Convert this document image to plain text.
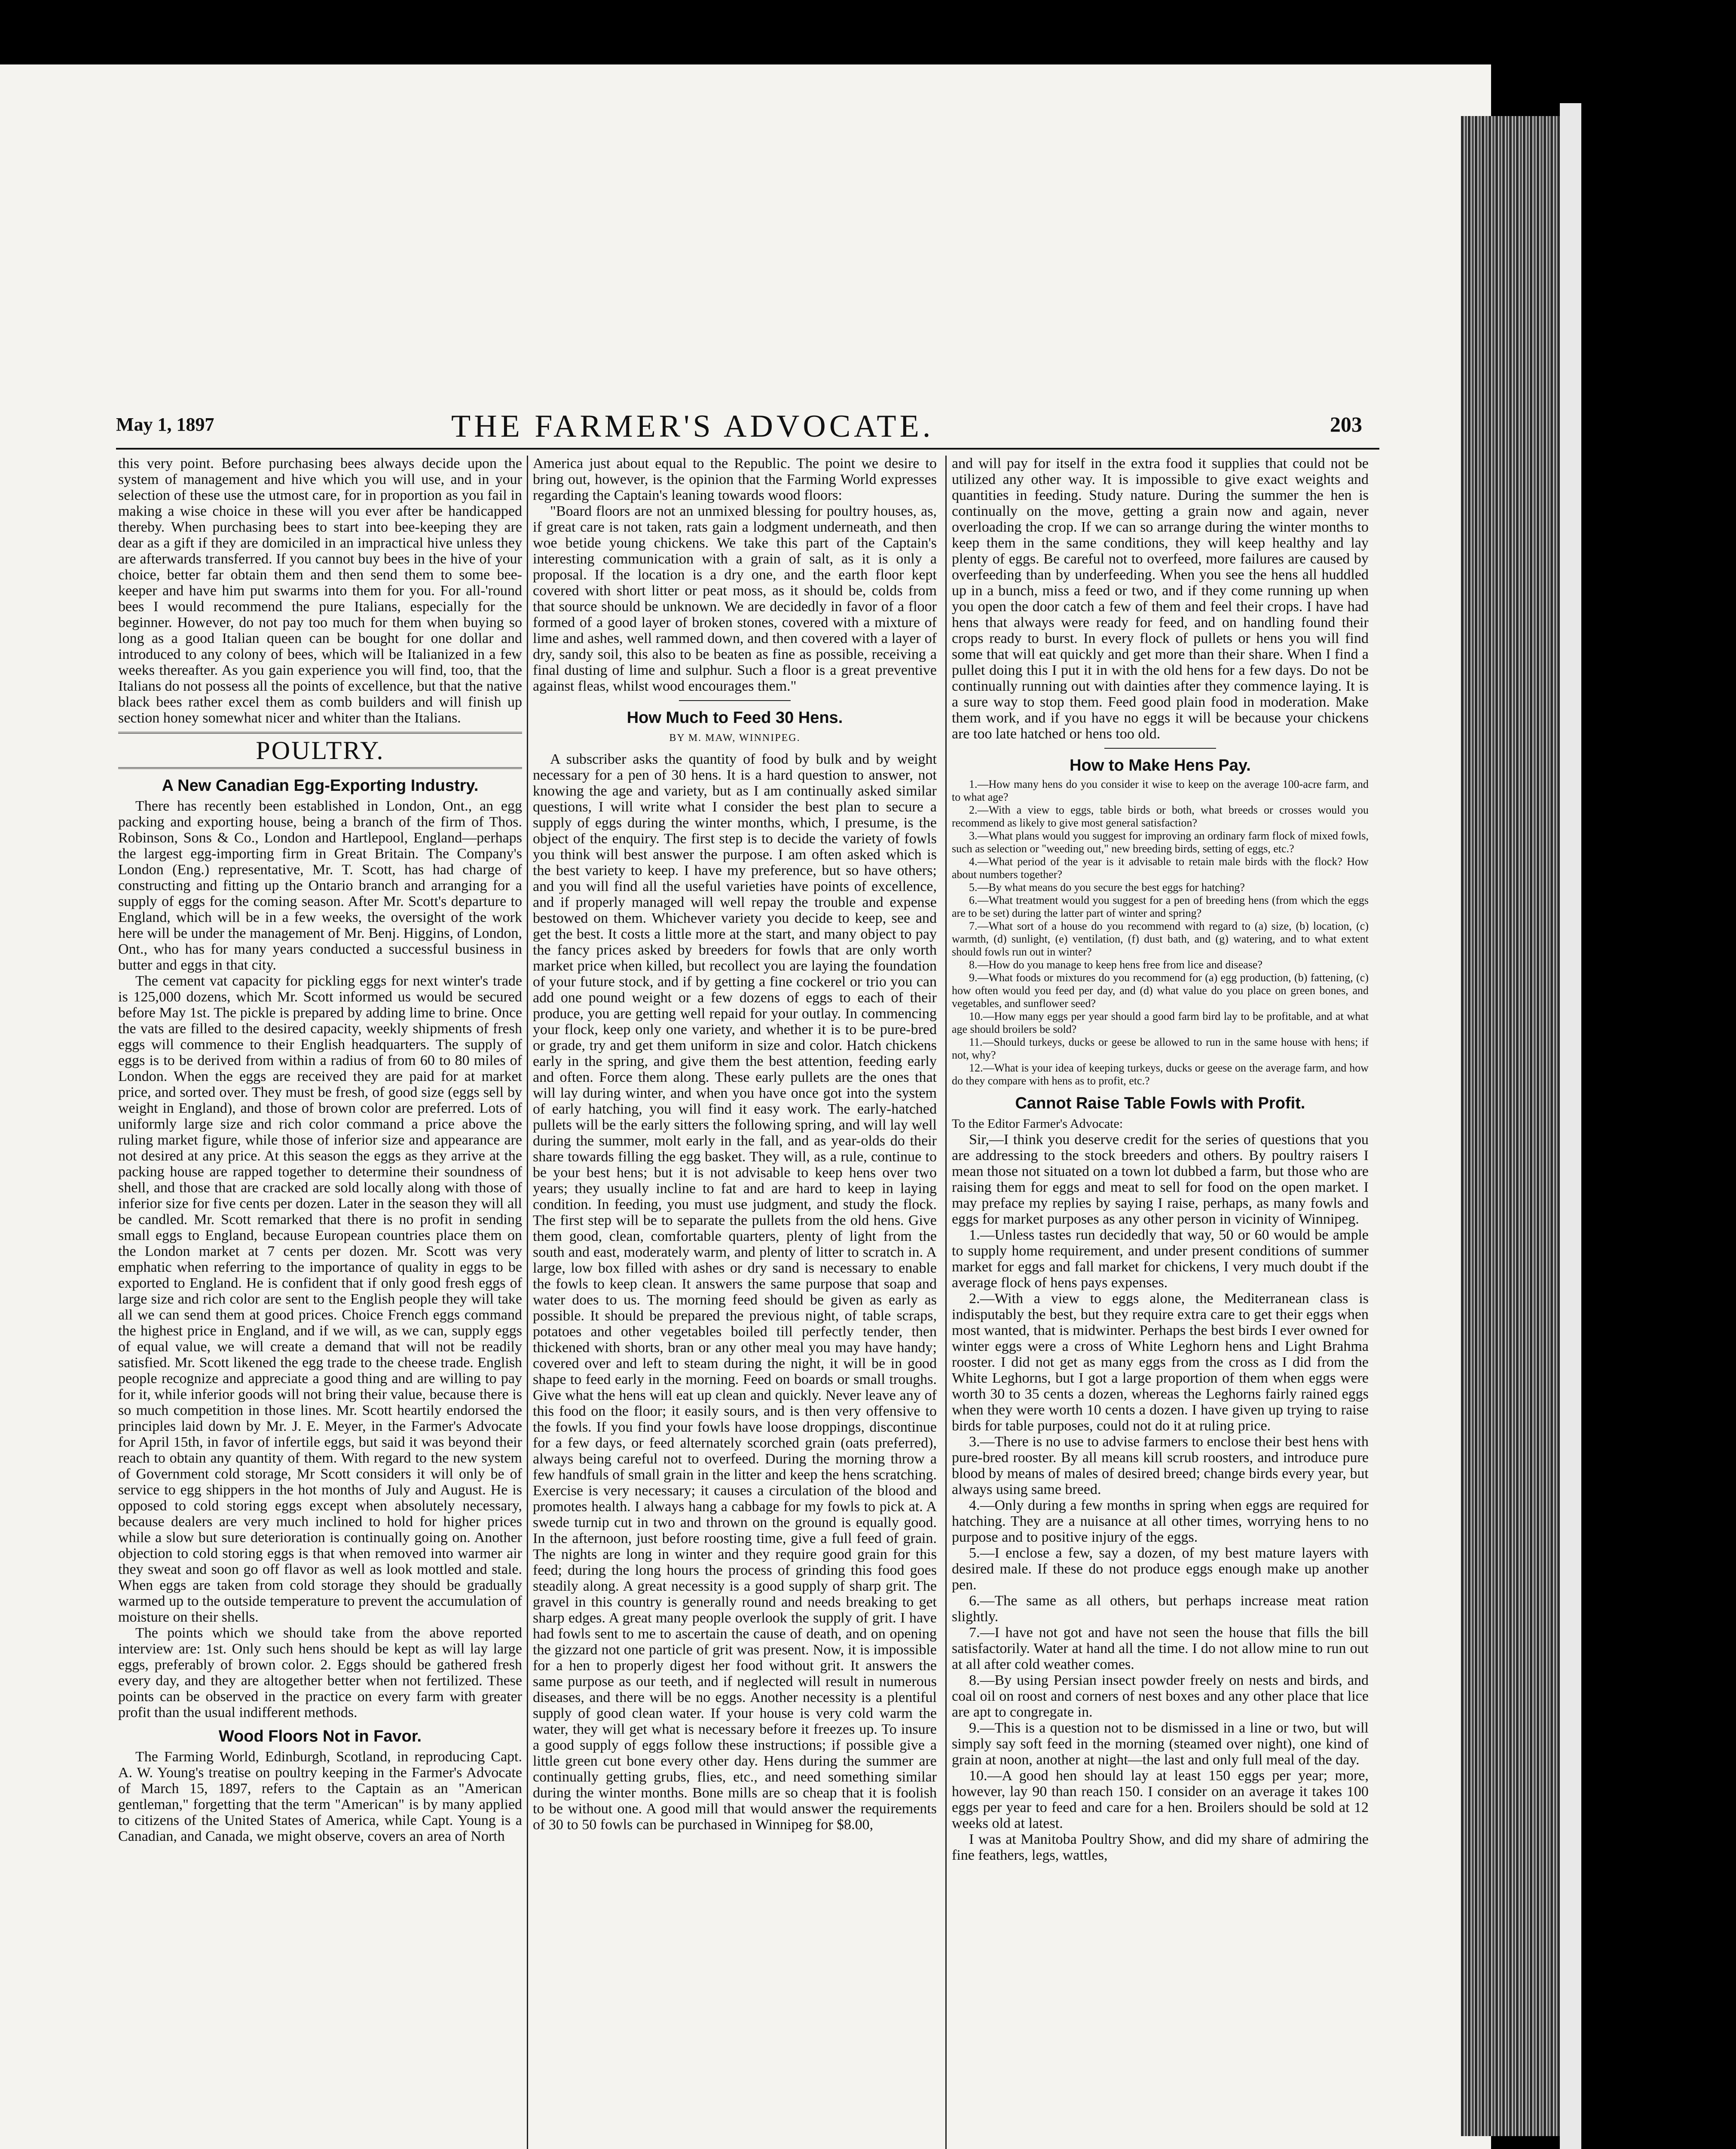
May 1, 1897	THE FARMER'S ADVOCATE.	203

this very point. Before purchasing bees always decide upon the system of management and hive which you will use, and in your selection of these use the utmost care, for in proportion as you fail in making a wise choice in these will you ever after be handicapped thereby. When purchasing bees to start into bee-keeping they are dear as a gift if they are domiciled in an impractical hive unless they are afterwards transferred. If you cannot buy bees in the hive of your choice, better far obtain them and then send them to some bee-keeper and have him put swarms into them for you. For all-'round bees I would recommend the pure Italians, especially for the beginner. However, do not pay too much for them when buying so long as a good Italian queen can be bought for one dollar and introduced to any colony of bees, which will be Italianized in a few weeks thereafter. As you gain experience you will find, too, that the Italians do not possess all the points of excellence, but that the native black bees rather excel them as comb builders and will finish up section honey somewhat nicer and whiter than the Italians.

POULTRY.
A New Canadian Egg-Exporting Industry.

There has recently been established in London, Ont., an egg packing and exporting house, being a branch of the firm of Thos. Robinson, Sons & Co., London and Hartlepool, England—perhaps the largest egg-importing firm in Great Britain. The Company's London (Eng.) representative, Mr. T. Scott, has had charge of constructing and fitting up the Ontario branch and arranging for a supply of eggs for the coming season. After Mr. Scott's departure to England, which will be in a few weeks, the oversight of the work here will be under the management of Mr. Benj. Higgins, of London, Ont., who has for many years conducted a successful business in butter and eggs in that city.

The cement vat capacity for pickling eggs for next winter's trade is 125,000 dozens, which Mr. Scott informed us would be secured before May 1st. The pickle is prepared by adding lime to brine. Once the vats are filled to the desired capacity, weekly shipments of fresh eggs will commence to their English headquarters. The supply of eggs is to be derived from within a radius of from 60 to 80 miles of London. When the eggs are received they are paid for at market price, and sorted over. They must be fresh, of good size (eggs sell by weight in England), and those of brown color are preferred. Lots of uniformly large size and rich color command a price above the ruling market figure, while those of inferior size and appearance are not desired at any price. At this season the eggs as they arrive at the packing house are rapped together to determine their soundness of shell, and those that are cracked are sold locally along with those of inferior size for five cents per dozen. Later in the season they will all be candled. Mr. Scott remarked that there is no profit in sending small eggs to England, because European countries place them on the London market at 7 cents per dozen. Mr. Scott was very emphatic when referring to the importance of quality in eggs to be exported to England. He is confident that if only good fresh eggs of large size and rich color are sent to the English people they will take all we can send them at good prices. Choice French eggs command the highest price in England, and if we will, as we can, supply eggs of equal value, we will create a demand that will not be readily satisfied. Mr. Scott likened the egg trade to the cheese trade. English people recognize and appreciate a good thing and are willing to pay for it, while inferior goods will not bring their value, because there is so much competition in those lines. Mr. Scott heartily endorsed the principles laid down by Mr. J. E. Meyer, in the Farmer's Advocate for April 15th, in favor of infertile eggs, but said it was beyond their reach to obtain any quantity of them. With regard to the new system of Government cold storage, Mr Scott considers it will only be of service to egg shippers in the hot months of July and August. He is opposed to cold storing eggs except when absolutely necessary, because dealers are very much inclined to hold for higher prices while a slow but sure deterioration is continually going on. Another objection to cold storing eggs is that when removed into warmer air they sweat and soon go off flavor as well as look mottled and stale. When eggs are taken from cold storage they should be gradually warmed up to the outside temperature to prevent the accumulation of moisture on their shells.

The points which we should take from the above reported interview are: 1st. Only such hens should be kept as will lay large eggs, preferably of brown color. 2. Eggs should be gathered fresh every day, and they are altogether better when not fertilized. These points can be observed in the practice on every farm with greater profit than the usual indifferent methods.

Wood Floors Not in Favor.

The Farming World, Edinburgh, Scotland, in reproducing Capt. A. W. Young's treatise on poultry keeping in the Farmer's Advocate of March 15, 1897, refers to the Captain as an "American gentleman," forgetting that the term "American" is by many applied to citizens of the United States of America, while Capt. Young is a Canadian, and Canada, we might observe, covers an area of North

America just about equal to the Republic. The point we desire to bring out, however, is the opinion that the Farming World expresses regarding the Captain's leaning towards wood floors:

"Board floors are not an unmixed blessing for poultry houses, as, if great care is not taken, rats gain a lodgment underneath, and then woe betide young chickens. We take this part of the Captain's interesting communication with a grain of salt, as it is only a proposal. If the location is a dry one, and the earth floor kept covered with short litter or peat moss, as it should be, colds from that source should be unknown. We are decidedly in favor of a floor formed of a good layer of broken stones, covered with a mixture of lime and ashes, well rammed down, and then covered with a layer of dry, sandy soil, this also to be beaten as fine as possible, receiving a final dusting of lime and sulphur. Such a floor is a great preventive against fleas, whilst wood encourages them."

How Much to Feed 30 Hens.
BY M. MAW, WINNIPEG.

A subscriber asks the quantity of food by bulk and by weight necessary for a pen of 30 hens. It is a hard question to answer, not knowing the age and variety, but as I am continually asked similar questions, I will write what I consider the best plan to secure a supply of eggs during the winter months, which, I presume, is the object of the enquiry. The first step is to decide the variety of fowls you think will best answer the purpose. I am often asked which is the best variety to keep. I have my preference, but so have others; and you will find all the useful varieties have points of excellence, and if properly managed will well repay the trouble and expense bestowed on them. Whichever variety you decide to keep, see and get the best. It costs a little more at the start, and many object to pay the fancy prices asked by breeders for fowls that are only worth market price when killed, but recollect you are laying the foundation of your future stock, and if by getting a fine cockerel or trio you can add one pound weight or a few dozens of eggs to each of their produce, you are getting well repaid for your outlay. In commencing your flock, keep only one variety, and whether it is to be pure-bred or grade, try and get them uniform in size and color. Hatch chickens early in the spring, and give them the best attention, feeding early and often. Force them along. These early pullets are the ones that will lay during winter, and when you have once got into the system of early hatching, you will find it easy work. The early-hatched pullets will be the early sitters the following spring, and will lay well during the summer, molt early in the fall, and as year-olds do their share towards filling the egg basket. They will, as a rule, continue to be your best hens; but it is not advisable to keep hens over two years; they usually incline to fat and are hard to keep in laying condition. In feeding, you must use judgment, and study the flock. The first step will be to separate the pullets from the old hens. Give them good, clean, comfortable quarters, plenty of light from the south and east, moderately warm, and plenty of litter to scratch in. A large, low box filled with ashes or dry sand is necessary to enable the fowls to keep clean. It answers the same purpose that soap and water does to us. The morning feed should be given as early as possible. It should be prepared the previous night, of table scraps, potatoes and other vegetables boiled till perfectly tender, then thickened with shorts, bran or any other meal you may have handy; covered over and left to steam during the night, it will be in good shape to feed early in the morning. Feed on boards or small troughs. Give what the hens will eat up clean and quickly. Never leave any of this food on the floor; it easily sours, and is then very offensive to the fowls. If you find your fowls have loose droppings, discontinue for a few days, or feed alternately scorched grain (oats preferred), always being careful not to overfeed. During the morning throw a few handfuls of small grain in the litter and keep the hens scratching. Exercise is very necessary; it causes a circulation of the blood and promotes health. I always hang a cabbage for my fowls to pick at. A swede turnip cut in two and thrown on the ground is equally good. In the afternoon, just before roosting time, give a full feed of grain. The nights are long in winter and they require good grain for this feed; during the long hours the process of grinding this food goes steadily along. A great necessity is a good supply of sharp grit. The gravel in this country is generally round and needs breaking to get sharp edges. A great many people overlook the supply of grit. I have had fowls sent to me to ascertain the cause of death, and on opening the gizzard not one particle of grit was present. Now, it is impossible for a hen to properly digest her food without grit. It answers the same purpose as our teeth, and if neglected will result in numerous diseases, and there will be no eggs. Another necessity is a plentiful supply of good clean water. If your house is very cold warm the water, they will get what is necessary before it freezes up. To insure a good supply of eggs follow these instructions; if possible give a little green cut bone every other day. Hens during the summer are continually getting grubs, flies, etc., and need something similar during the winter months. Bone mills are so cheap that it is foolish to be without one. A good mill that would answer the requirements of 30 to 50 fowls can be purchased in Winnipeg for $8.00,

and will pay for itself in the extra food it supplies that could not be utilized any other way. It is impossible to give exact weights and quantities in feeding. Study nature. During the summer the hen is continually on the move, getting a grain now and again, never overloading the crop. If we can so arrange during the winter months to keep them in the same conditions, they will keep healthy and lay plenty of eggs. Be careful not to overfeed, more failures are caused by overfeeding than by underfeeding. When you see the hens all huddled up in a bunch, miss a feed or two, and if they come running up when you open the door catch a few of them and feel their crops. I have had hens that always were ready for feed, and on handling found their crops ready to burst. In every flock of pullets or hens you will find some that will eat quickly and get more than their share. When I find a pullet doing this I put it in with the old hens for a few days. Do not be continually running out with dainties after they commence laying. It is a sure way to stop them. Feed good plain food in moderation. Make them work, and if you have no eggs it will be because your chickens are too late hatched or hens too old.

How to Make Hens Pay.

1.—How many hens do you consider it wise to keep on the average 100-acre farm, and to what age?

2.—With a view to eggs, table birds or both, what breeds or crosses would you recommend as likely to give most general satisfaction?

3.—What plans would you suggest for improving an ordinary farm flock of mixed fowls, such as selection or "weeding out," new breeding birds, setting of eggs, etc.?

4.—What period of the year is it advisable to retain male birds with the flock? How about numbers together?

5.—By what means do you secure the best eggs for hatching?

6.—What treatment would you suggest for a pen of breeding hens (from which the eggs are to be set) during the latter part of winter and spring?

7.—What sort of a house do you recommend with regard to (a) size, (b) location, (c) warmth, (d) sunlight, (e) ventilation, (f) dust bath, and (g) watering, and to what extent should fowls run out in winter?

8.—How do you manage to keep hens free from lice and disease?

9.—What foods or mixtures do you recommend for (a) egg production, (b) fattening, (c) how often would you feed per day, and (d) what value do you place on green bones, and vegetables, and sunflower seed?

10.—How many eggs per year should a good farm bird lay to be profitable, and at what age should broilers be sold?

11.—Should turkeys, ducks or geese be allowed to run in the same house with hens; if not, why?

12.—What is your idea of keeping turkeys, ducks or geese on the average farm, and how do they compare with hens as to profit, etc.?

Cannot Raise Table Fowls with Profit.

To the Editor Farmer's Advocate:

Sir,—I think you deserve credit for the series of questions that you are addressing to the stock breeders and others. By poultry raisers I mean those not situated on a town lot dubbed a farm, but those who are raising them for eggs and meat to sell for food on the open market. I may preface my replies by saying I raise, perhaps, as many fowls and eggs for market purposes as any other person in vicinity of Winnipeg.

1.—Unless tastes run decidedly that way, 50 or 60 would be ample to supply home requirement, and under present conditions of summer market for eggs and fall market for chickens, I very much doubt if the average flock of hens pays expenses.

2.—With a view to eggs alone, the Mediterranean class is indisputably the best, but they require extra care to get their eggs when most wanted, that is midwinter. Perhaps the best birds I ever owned for winter eggs were a cross of White Leghorn hens and Light Brahma rooster. I did not get as many eggs from the cross as I did from the White Leghorns, but I got a large proportion of them when eggs were worth 30 to 35 cents a dozen, whereas the Leghorns fairly rained eggs when they were worth 10 cents a dozen. I have given up trying to raise birds for table purposes, could not do it at ruling price.

3.—There is no use to advise farmers to enclose their best hens with pure-bred rooster. By all means kill scrub roosters, and introduce pure blood by means of males of desired breed; change birds every year, but always using same breed.

4.—Only during a few months in spring when eggs are required for hatching. They are a nuisance at all other times, worrying hens to no purpose and to positive injury of the eggs.

5.—I enclose a few, say a dozen, of my best mature layers with desired male. If these do not produce eggs enough make up another pen.

6.—The same as all others, but perhaps increase meat ration slightly.

7.—I have not got and have not seen the house that fills the bill satisfactorily. Water at hand all the time. I do not allow mine to run out at all after cold weather comes.

8.—By using Persian insect powder freely on nests and birds, and coal oil on roost and corners of nest boxes and any other place that lice are apt to congregate in.

9.—This is a question not to be dismissed in a line or two, but will simply say soft feed in the morning (steamed over night), one kind of grain at noon, another at night—the last and only full meal of the day.

10.—A good hen should lay at least 150 eggs per year; more, however, lay 90 than reach 150. I consider on an average it takes 100 eggs per year to feed and care for a hen. Broilers should be sold at 12 weeks old at latest.

I was at Manitoba Poultry Show, and did my share of admiring the fine feathers, legs, wattles,
